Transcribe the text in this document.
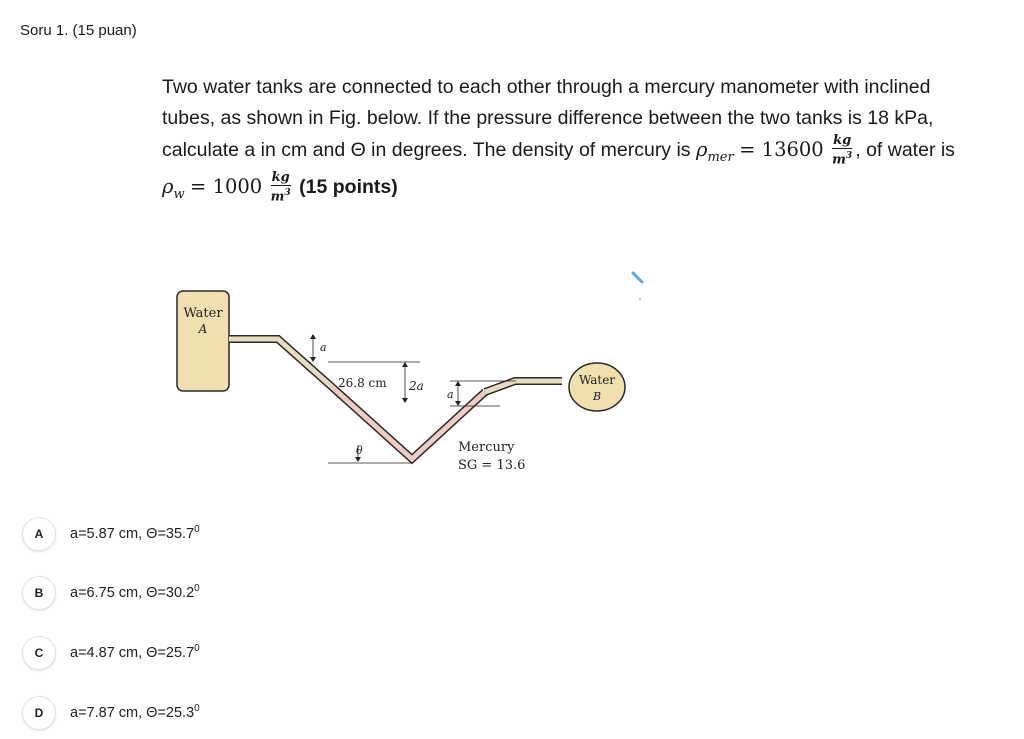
Soru 1. (15 puan)
Two water tanks are connected to each other through a mercury manometer with inclined
tubes, as shown in Fig. below. If the pressure difference between the two tanks is 18 kPa,
calculate a in cm and Θ in degrees. The density of mercury is $\rho_{mer} = 13600 \frac{kg}{m^3}$ , of water is
$\rho_w = 1000 \frac{kg}{m^3} (15$ points)
Water
A
Water
B
a
26.8 cm 2a
a
θ	Mercury
SG = 13.6
A	a=5.87 cm, $\Theta=35.7^0$
B	a=6.75 cm, $\Theta=30.2^0$
C	a=4.87 cm, $\Theta=25.7^0$
D	a=7.87 cm, $\Theta=25.3^0$
